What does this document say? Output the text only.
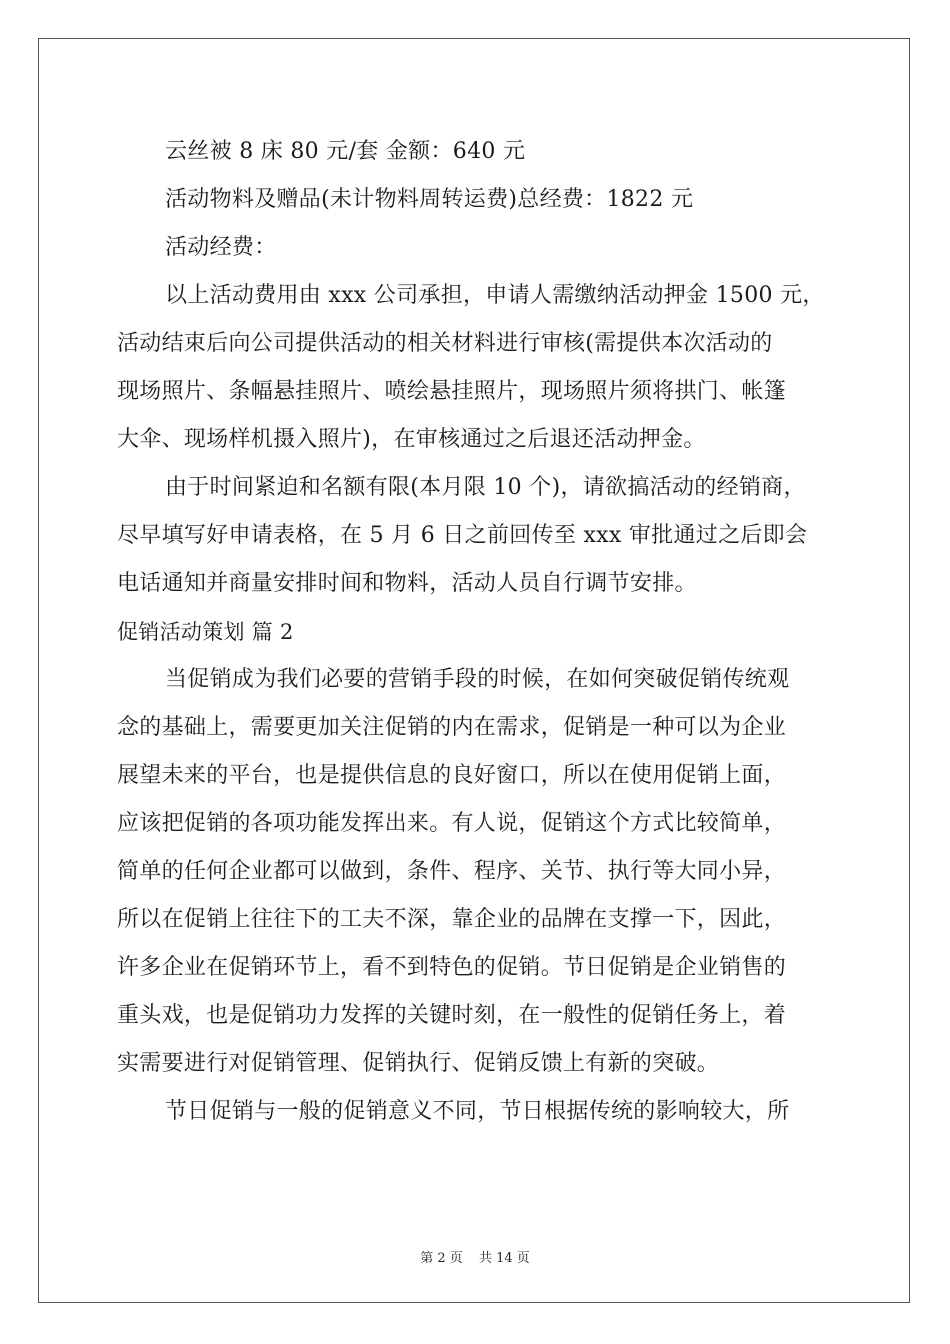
云丝被 8 床 80 元/套 金额：640 元
活动物料及赠品(未计物料周转运费)总经费：1822 元
活动经费：
以上活动费用由 xxx 公司承担，申请人需缴纳活动押金 1500 元，
活动结束后向公司提供活动的相关材料进行审核(需提供本次活动的
现场照片、条幅悬挂照片、喷绘悬挂照片，现场照片须将拱门、帐篷
大伞、现场样机摄入照片)，在审核通过之后退还活动押金。
由于时间紧迫和名额有限(本月限 10 个)，请欲搞活动的经销商，
尽早填写好申请表格，在 5 月 6 日之前回传至 xxx 审批通过之后即会
电话通知并商量安排时间和物料，活动人员自行调节安排。
促销活动策划 篇 2
当促销成为我们必要的营销手段的时候，在如何突破促销传统观
念的基础上，需要更加关注促销的内在需求，促销是一种可以为企业
展望未来的平台，也是提供信息的良好窗口，所以在使用促销上面，
应该把促销的各项功能发挥出来。有人说，促销这个方式比较简单，
简单的任何企业都可以做到，条件、程序、关节、执行等大同小异，
所以在促销上往往下的工夫不深，靠企业的品牌在支撑一下，因此，
许多企业在促销环节上，看不到特色的促销。节日促销是企业销售的
重头戏，也是促销功力发挥的关键时刻，在一般性的促销任务上，着
实需要进行对促销管理、促销执行、促销反馈上有新的突破。
节日促销与一般的促销意义不同，节日根据传统的影响较大，所
第 2 页 共 14 页
